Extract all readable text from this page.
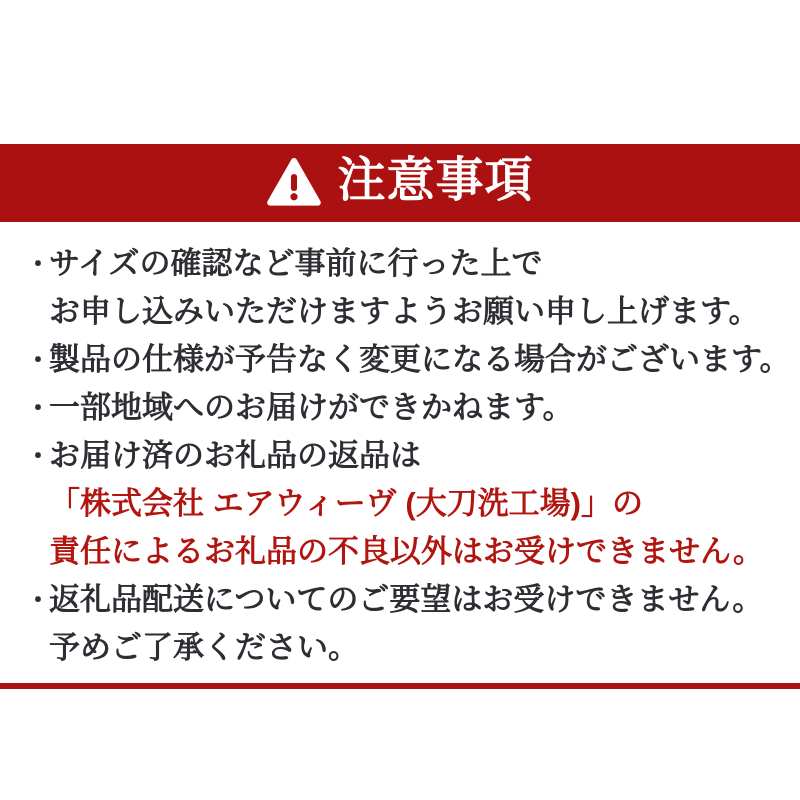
注意事項
・
サイズの確認など事前に行った上で
お申し込みいただけますようお願い申し上げます。
・
製品の仕様が予告なく変更になる場合がございます。
・
一部地域へのお届けができかねます。
・
お届け済のお礼品の返品は
「株式会社 エアウィーヴ (大刀洗工場)」の
責任によるお礼品の不良以外はお受けできません。
・
返礼品配送についてのご要望はお受けできません。
予めご了承ください。
